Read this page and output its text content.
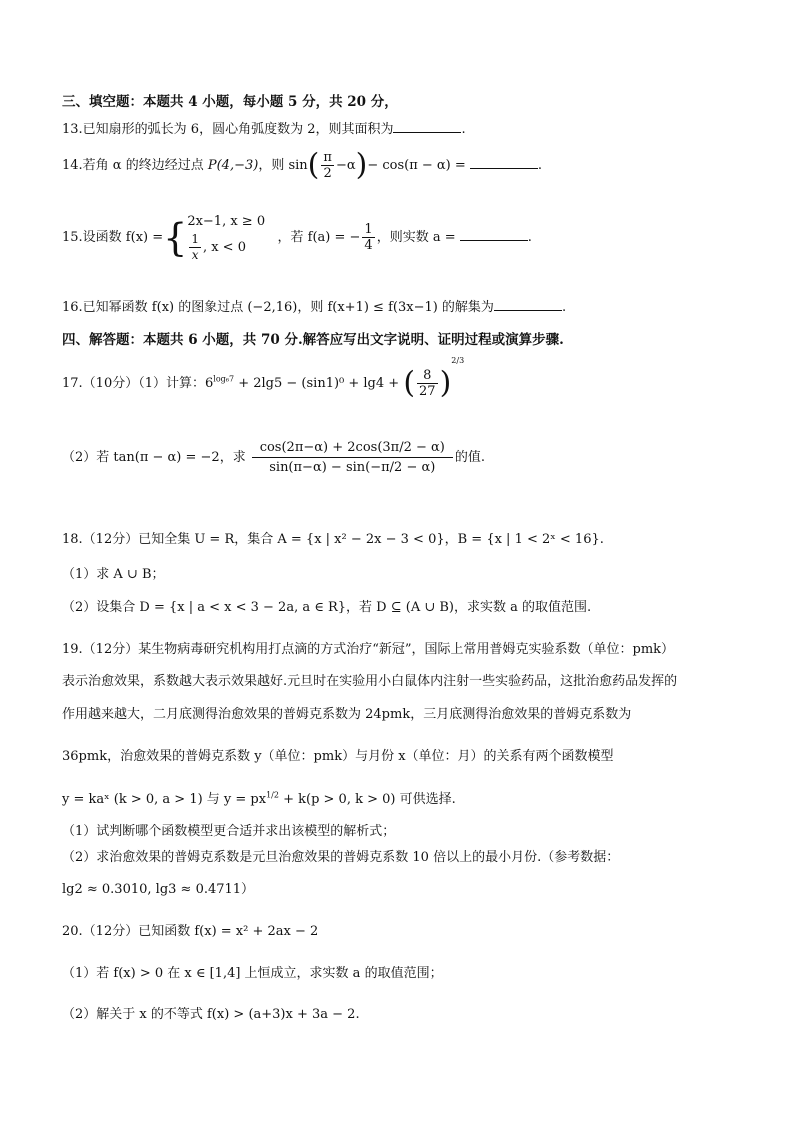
三、填空题：本题共 4 小题，每小题 5 分，共 20 分，
13.已知扇形的弧长为 6，圆心角弧度数为 2，则其面积为	.
14.若角 α 的终边经过点 P(4,−3)，则 $\sin( \frac{\pi}{2} -\alpha)- \cos(\pi - \alpha)$ =	.
15.设函数 f(x) ={ 2x−1, x ≥ 0
$\frac{1}{x}$ , x < 0
，若 f(a) = − $\frac{1}{4}$ ，则实数 a =	.
16.已知幂函数 f(x) 的图象过点 (−2,16)，则 f(x+1) ≤ f(3x−1) 的解集为	.
四、解答题：本题共 6 小题，共 70 分.解答应写出文字说明、证明过程或演算步骤.
17.（10分）（1）计算：$6^{log_67} + 2\lg 5 - (\sin 1)^0 + \lg 4$ + ( $\frac{8}{27} )^{2/3}$
（2）若 tan(π − α) = −2，求 $\frac{\cos(2\pi-\alpha) + 2\cos(3\pi/2 - \alpha)}{\sin(\pi-\alpha) - \sin(-\pi/2 - \alpha)}$ 的值.
18.（12分）已知全集 U = R，集合 A = {x | x² − 2x − 3 < 0}，B = {x | 1 < 2ˣ < 16}.
（1）求 A ∪ B；
（2）设集合 D = {x | a < x < 3 − 2a, a ∈ R}，若 D ⊆ (A ∪ B)，求实数 a 的取值范围.
19.（12分）某生物病毒研究机构用打点滴的方式治疗“新冠”，国际上常用普姆克实验系数（单位：pmk）
表示治愈效果，系数越大表示效果越好.元旦时在实验用小白鼠体内注射一些实验药品，这批治愈药品发挥的
作用越来越大，二月底测得治愈效果的普姆克系数为 24pmk，三月底测得治愈效果的普姆克系数为
36pmk，治愈效果的普姆克系数 y（单位：pmk）与月份 x（单位：月）的关系有两个函数模型
y = kaˣ (k > 0, a > 1) 与 $y = px^{1/2} + k(p > 0$, k > 0) 可供选择.
（1）试判断哪个函数模型更合适并求出该模型的解析式；
（2）求治愈效果的普姆克系数是元旦治愈效果的普姆克系数 10 倍以上的最小月份.（参考数据：
lg2 ≈ 0.3010, lg3 ≈ 0.4711）
20.（12分）已知函数 f(x) = x² + 2ax − 2
（1）若 f(x) > 0 在 x ∈ [1,4] 上恒成立，求实数 a 的取值范围；
（2）解关于 x 的不等式 f(x) > (a+3)x + 3a − 2.
